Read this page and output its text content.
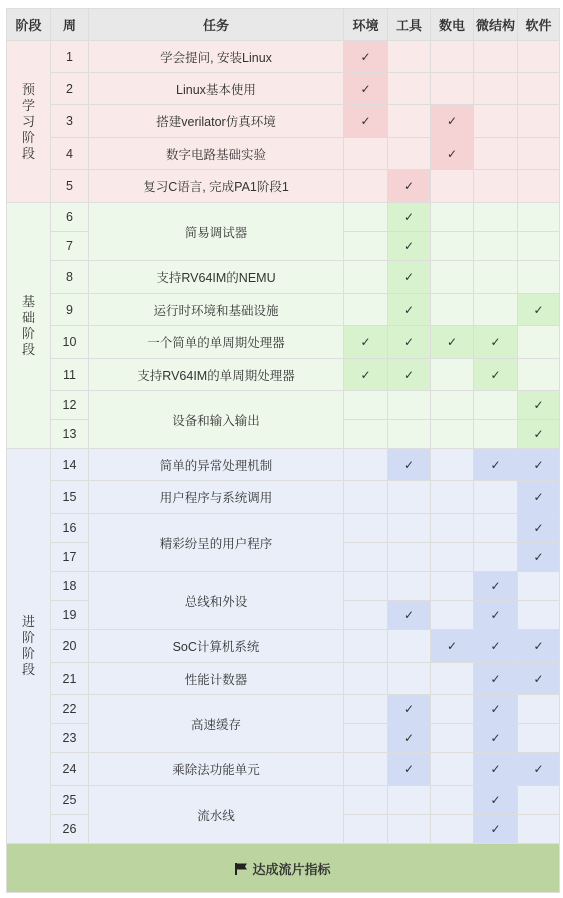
阶段	周	任务	环境	工具	数电	微结构	软件

预
学
习
阶
段	1	学会提问, 安装Linux	✓				
	2	Linux基本使用	✓				
	3	搭建verilator仿真环境	✓		✓		
	4	数字电路基础实验			✓		
	5	复习C语言, 完成PA1阶段1		✓			

基
础
阶
段	6	简易调试器		✓			
	7			✓			
	8	支持RV64IM的NEMU		✓			
	9	运行时环境和基础设施		✓			✓
	10	一个简单的单周期处理器	✓	✓	✓	✓	
	11	支持RV64IM的单周期处理器	✓	✓		✓	
	12	设备和输入输出					✓
	13						✓

进
阶
阶
段	14	简单的异常处理机制		✓		✓	✓
	15	用户程序与系统调用					✓
	16	精彩纷呈的用户程序					✓
	17						✓
	18	总线和外设				✓	
	19			✓		✓	
	20	SoC计算机系统			✓	✓	✓
	21	性能计数器				✓	✓
	22	高速缓存		✓		✓	
	23			✓		✓	
	24	乘除法功能单元		✓		✓	✓
	25	流水线				✓	
	26					✓	
达成流片指标							
